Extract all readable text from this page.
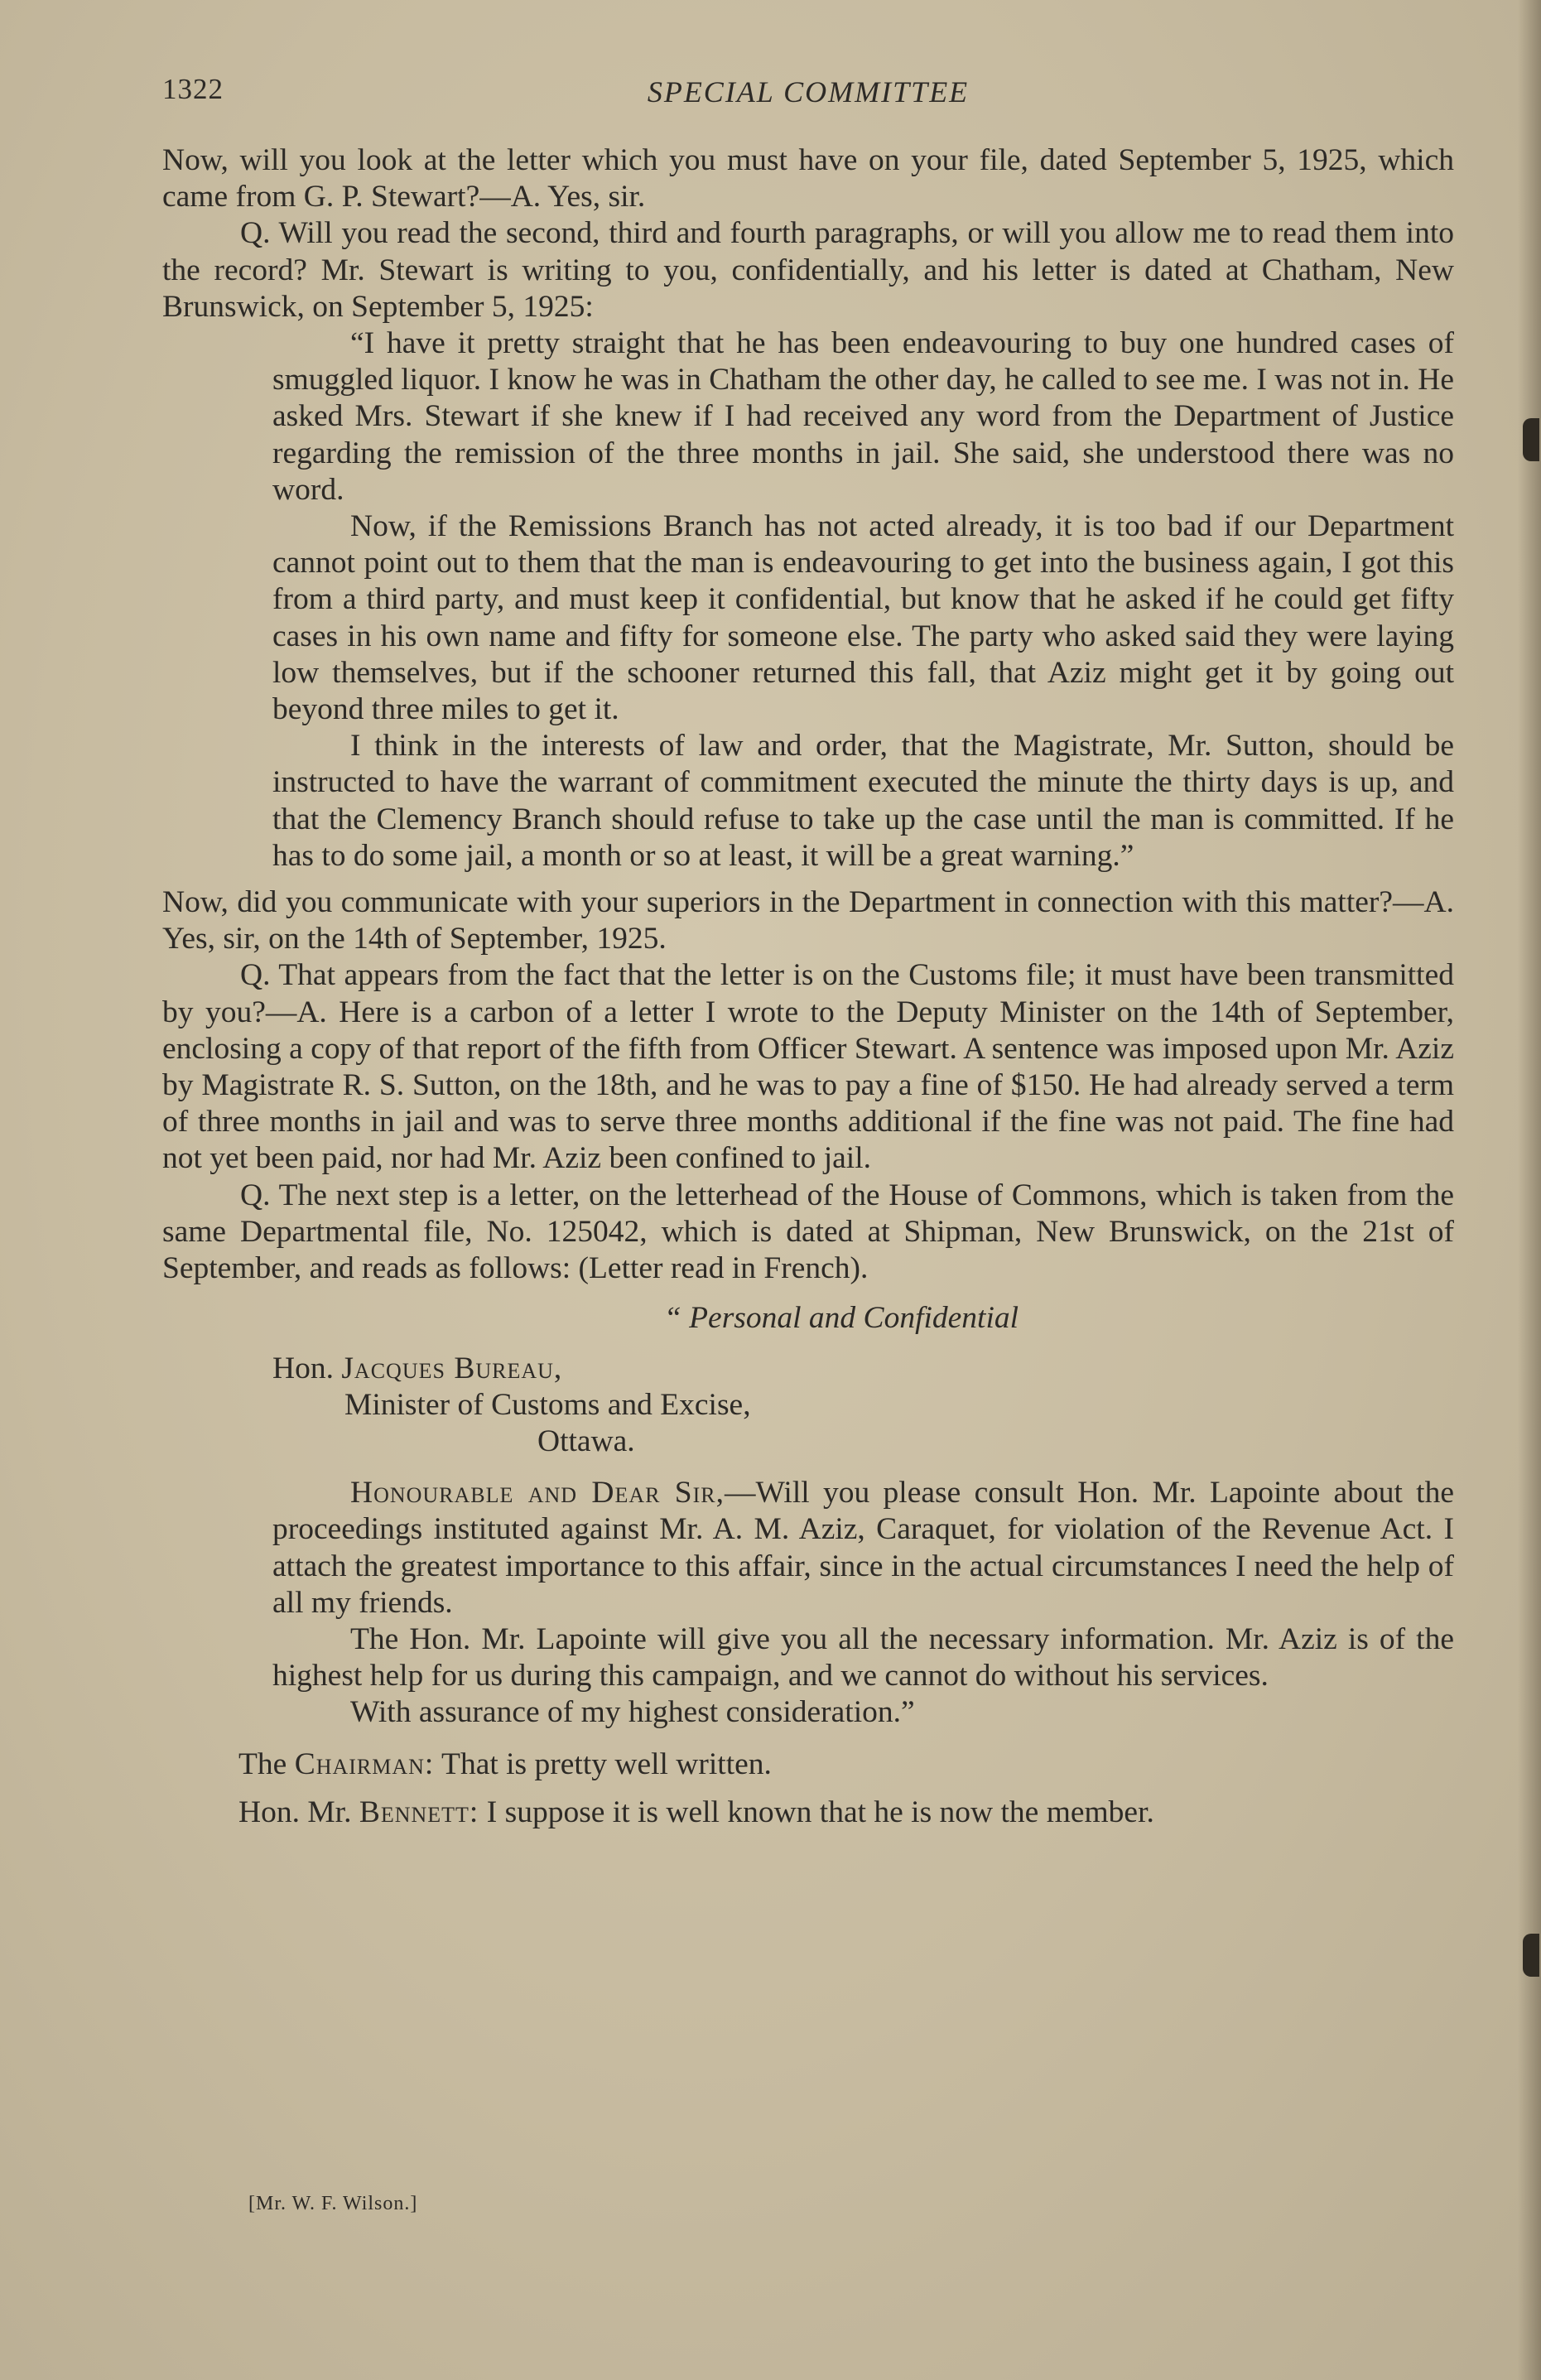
1322	SPECIAL COMMITTEE

Now, will you look at the letter which you must have on your file, dated September 5, 1925, which came from G. P. Stewart?—A. Yes, sir.

Q. Will you read the second, third and fourth paragraphs, or will you allow me to read them into the record? Mr. Stewart is writing to you, confidentially, and his letter is dated at Chatham, New Brunswick, on September 5, 1925:

“I have it pretty straight that he has been endeavouring to buy one hundred cases of smuggled liquor. I know he was in Chatham the other day, he called to see me. I was not in. He asked Mrs. Stewart if she knew if I had received any word from the Department of Justice regarding the remission of the three months in jail. She said, she understood there was no word.

Now, if the Remissions Branch has not acted already, it is too bad if our Department cannot point out to them that the man is endeavouring to get into the business again, I got this from a third party, and must keep it confidential, but know that he asked if he could get fifty cases in his own name and fifty for someone else. The party who asked said they were laying low themselves, but if the schooner returned this fall, that Aziz might get it by going out beyond three miles to get it.

I think in the interests of law and order, that the Magistrate, Mr. Sutton, should be instructed to have the warrant of commitment executed the minute the thirty days is up, and that the Clemency Branch should refuse to take up the case until the man is committed. If he has to do some jail, a month or so at least, it will be a great warning.”

Now, did you communicate with your superiors in the Department in connection with this matter?—A. Yes, sir, on the 14th of September, 1925.

Q. That appears from the fact that the letter is on the Customs file; it must have been transmitted by you?—A. Here is a carbon of a letter I wrote to the Deputy Minister on the 14th of September, enclosing a copy of that report of the fifth from Officer Stewart. A sentence was imposed upon Mr. Aziz by Magistrate R. S. Sutton, on the 18th, and he was to pay a fine of $150. He had already served a term of three months in jail and was to serve three months additional if the fine was not paid. The fine had not yet been paid, nor had Mr. Aziz been confined to jail.

Q. The next step is a letter, on the letterhead of the House of Commons, which is taken from the same Departmental file, No. 125042, which is dated at Shipman, New Brunswick, on the 21st of September, and reads as follows: (Letter read in French).

“ Personal and Confidential

Hon. Jacques Bureau,

Minister of Customs and Excise,

Ottawa.

Honourable and Dear Sir,—Will you please consult Hon. Mr. Lapointe about the proceedings instituted against Mr. A. M. Aziz, Caraquet, for violation of the Revenue Act. I attach the greatest importance to this affair, since in the actual circumstances I need the help of all my friends.

The Hon. Mr. Lapointe will give you all the necessary information. Mr. Aziz is of the highest help for us during this campaign, and we cannot do without his services.

With assurance of my highest consideration.”

The Chairman: That is pretty well written.

Hon. Mr. Bennett: I suppose it is well known that he is now the member.

[Mr. W. F. Wilson.]
